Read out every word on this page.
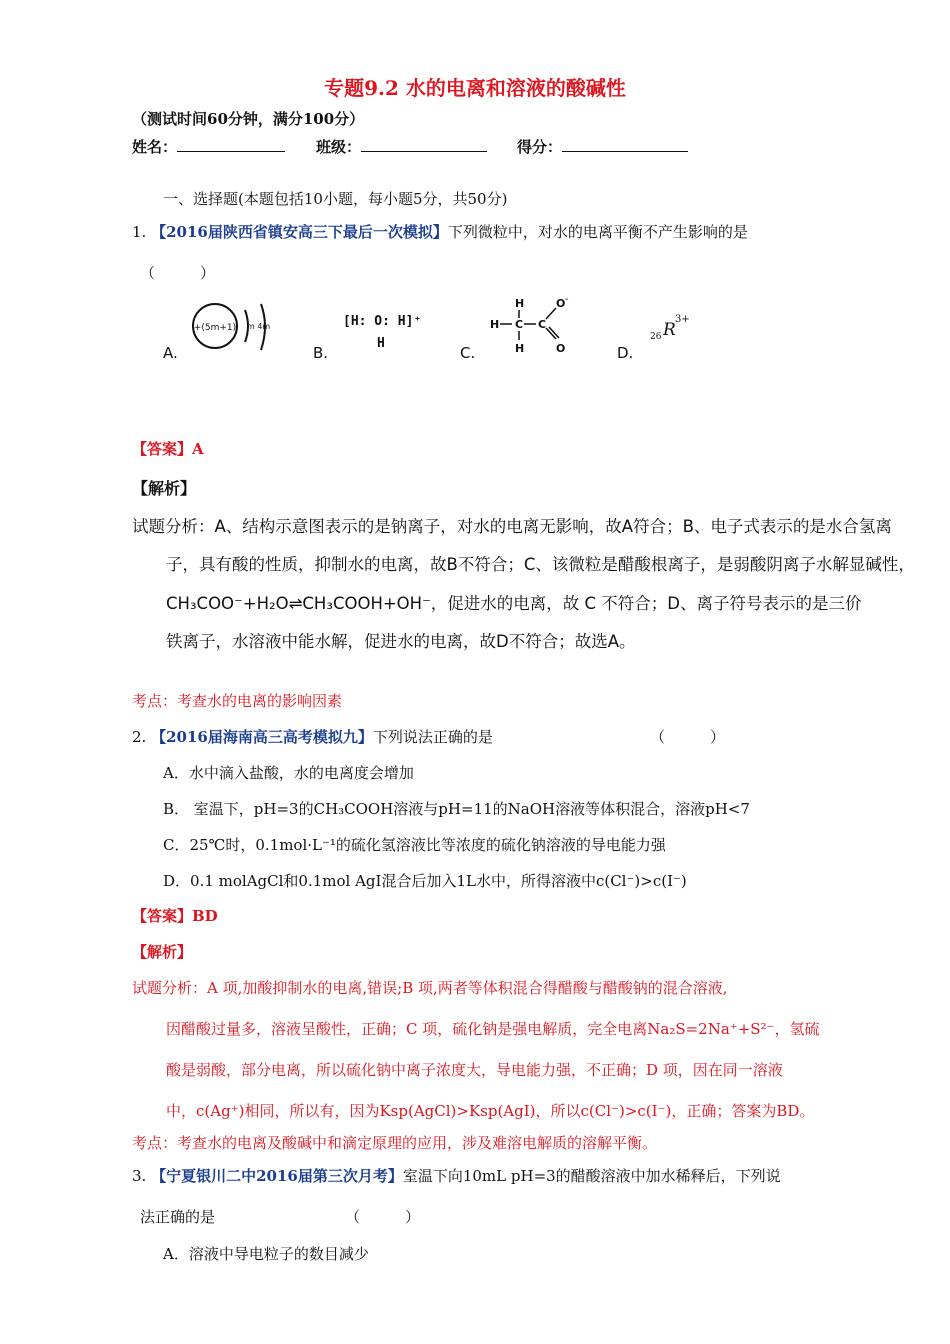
专题9.2 水的电离和溶液的酸碱性
（测试时间60分钟，满分100分）
姓名：	班级：	得分：
一、选择题(本题包括10小题，每小题5分，共50分)
1. 【2016届陕西省镇安高三下最后一次模拟】下列微粒中，对水的电离平衡不产生影响的是
（　　　）
A.
+(5m+1) m 4m
B.
[H: O: H]⁺
H
C.
H
H C C
H
O -
O	D.
26 R
3+
【答案】A
【解析】
试题分析：A、结构示意图表示的是钠离子，对水的电离无影响，故A符合；B、电子式表示的是水合氢离
子，具有酸的性质，抑制水的电离，故B不符合；C、该微粒是醋酸根离子，是弱酸阴离子水解显碱性，
CH₃COO⁻+H₂O⇌CH₃COOH+OH⁻，促进水的电离，故 C 不符合；D、离子符号表示的是三价
铁离子，水溶液中能水解，促进水的电离，故D不符合；故选A。
考点：考查水的电离的影响因素
2. 【2016届海南高三高考模拟九】下列说法正确的是	（　　　）
A．水中滴入盐酸，水的电离度会增加
B． 室温下，pH=3的CH₃COOH溶液与pH=11的NaOH溶液等体积混合，溶液pH<7
C．25℃时，0.1mol·L⁻¹的硫化氢溶液比等浓度的硫化钠溶液的导电能力强
D．0.1 molAgCl和0.1mol AgI混合后加入1L水中，所得溶液中c(Cl⁻)>c(I⁻)
【答案】BD
【解析】
试题分析：A 项,加酸抑制水的电离,错误;B 项,两者等体积混合得醋酸与醋酸钠的混合溶液,
因醋酸过量多，溶液呈酸性，正确；C 项，硫化钠是强电解质，完全电离Na₂S=2Na⁺+S²⁻，氢硫
酸是弱酸，部分电离，所以硫化钠中离子浓度大，导电能力强，不正确；D 项，因在同一溶液
中，c(Ag⁺)相同，所以有，因为Ksp(AgCl)>Ksp(AgI)，所以c(Cl⁻)>c(I⁻)，正确；答案为BD。
考点：考查水的电离及酸碱中和滴定原理的应用，涉及难溶电解质的溶解平衡。
3. 【宁夏银川二中2016届第三次月考】室温下向10mL pH=3的醋酸溶液中加水稀释后，下列说
法正确的是	（　　　）
A．溶液中导电粒子的数目减少
